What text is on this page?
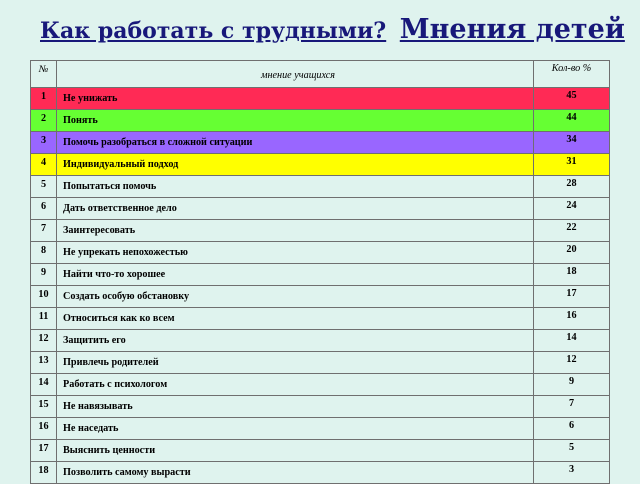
Как работать с трудными? Мнения детей
№	мнение учащихся	Кол-во %

1	Не унижать	45

2	Понять	44

3	Помочь разобраться в сложной ситуации	34

4	Индивидуальный подход	31

5	Попытаться помочь	28

6	Дать ответственное дело	24

7	Заинтересовать	22

8	Не упрекать непохожестью	20

9	Найти что-то хорошее	18

10	Создать особую обстановку	17

11	Относиться как ко всем	16

12	Защитить его	14

13	Привлечь родителей	12

14	Работать с психологом	9

15	Не навязывать	7

16	Не наседать	6

17	Выяснить ценности	5

18	Позволить самому вырасти	3
